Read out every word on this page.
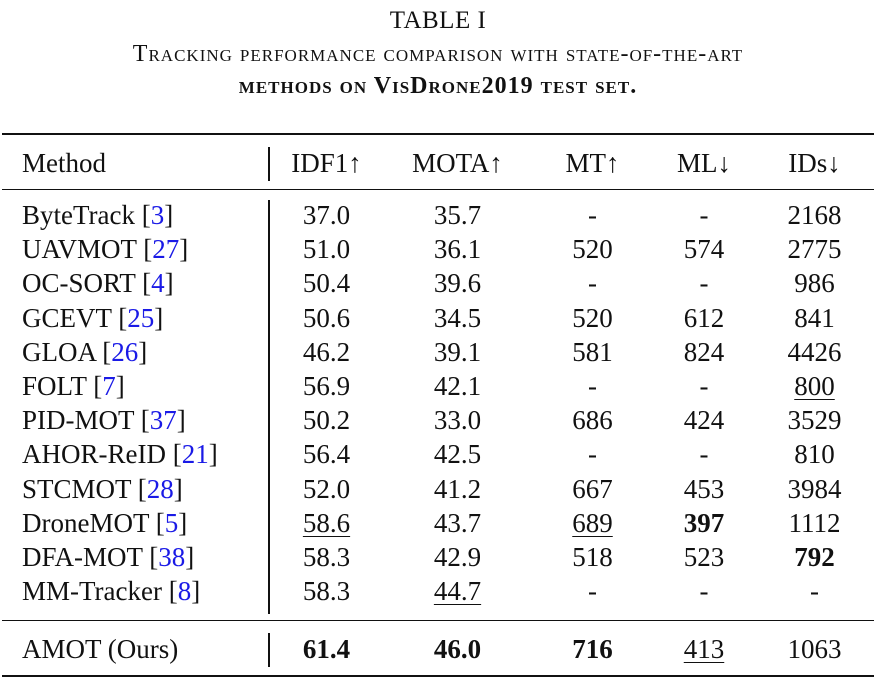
TABLE I
Tracking performance comparison with state-of-the-art
methods on VisDrone2019 test set.
Method	IDF1↑	MOTA↑	MT↑	ML↓	IDs↓
ByteTrack [3]	37.0	35.7	-	-	2168
UAVMOT [27]	51.0	36.1	520	574	2775
OC-SORT [4]	50.4	39.6	-	-	986
GCEVT [25]	50.6	34.5	520	612	841
GLOA [26]	46.2	39.1	581	824	4426
FOLT [7]	56.9	42.1	-	-	800
PID-MOT [37]	50.2	33.0	686	424	3529
AHOR-ReID [21]	56.4	42.5	-	-	810
STCMOT [28]	52.0	41.2	667	453	3984
DroneMOT [5]	58.6	43.7	689	397	1112
DFA-MOT [38]	58.3	42.9	518	523	792
MM-Tracker [8]	58.3	44.7	-	-	-
AMOT (Ours)	61.4	46.0	716	413	1063
